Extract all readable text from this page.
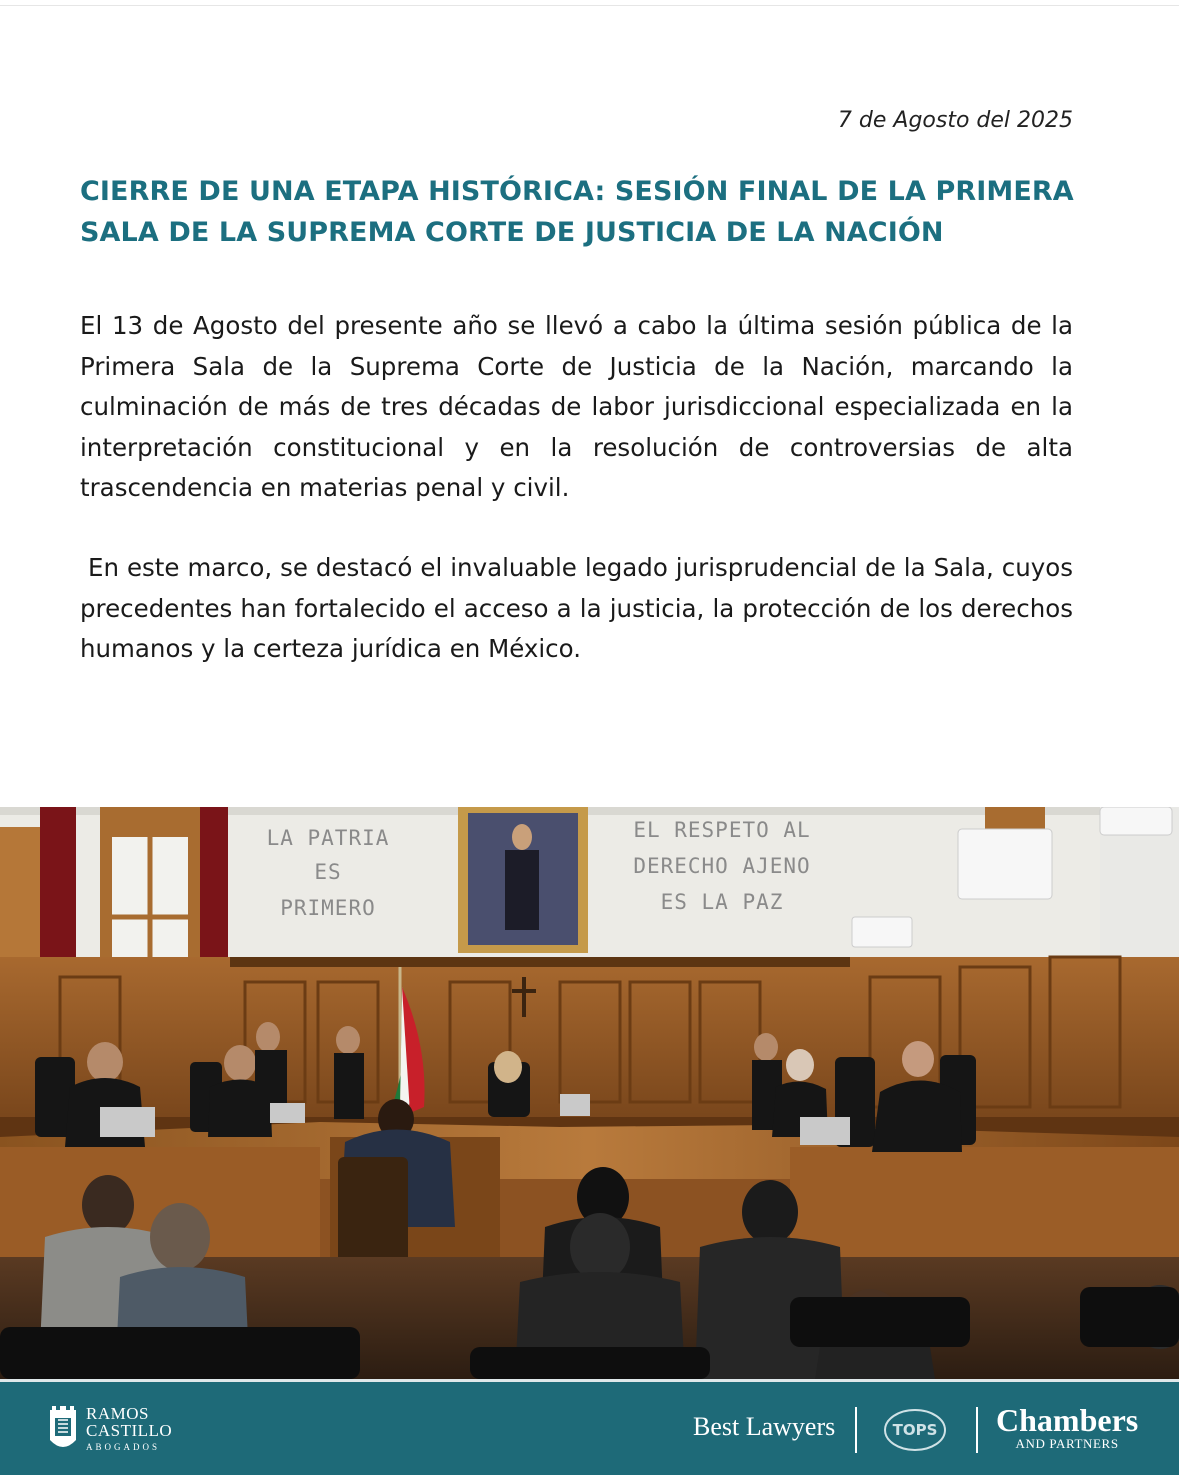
7 de Agosto del 2025
CIERRE DE UNA ETAPA HISTÓRICA: SESIÓN FINAL DE LA PRIMERA
SALA DE LA SUPREMA CORTE DE JUSTICIA DE LA NACIÓN
El 13 de Agosto del presente año se llevó a cabo la última sesión pública de la Primera Sala de la Suprema Corte de Justicia de la Nación, marcando la culminación de más de tres décadas de labor jurisdiccional especializada en la interpretación constitucional y en la resolución de controversias de alta trascendencia en materias penal y civil.
En este marco, se destacó el invaluable legado jurisprudencial de la Sala, cuyos precedentes han fortalecido el acceso a la justicia, la protección de los derechos humanos y la certeza jurídica en México.
LA PATRIA
ES
PRIMERO
EL RESPETO AL
DERECHO AJENO
ES LA PAZ
RAMOS
CASTILLO
ABOGADOS
Best Lawyers	TOPS Chambers
AND PARTNERS
